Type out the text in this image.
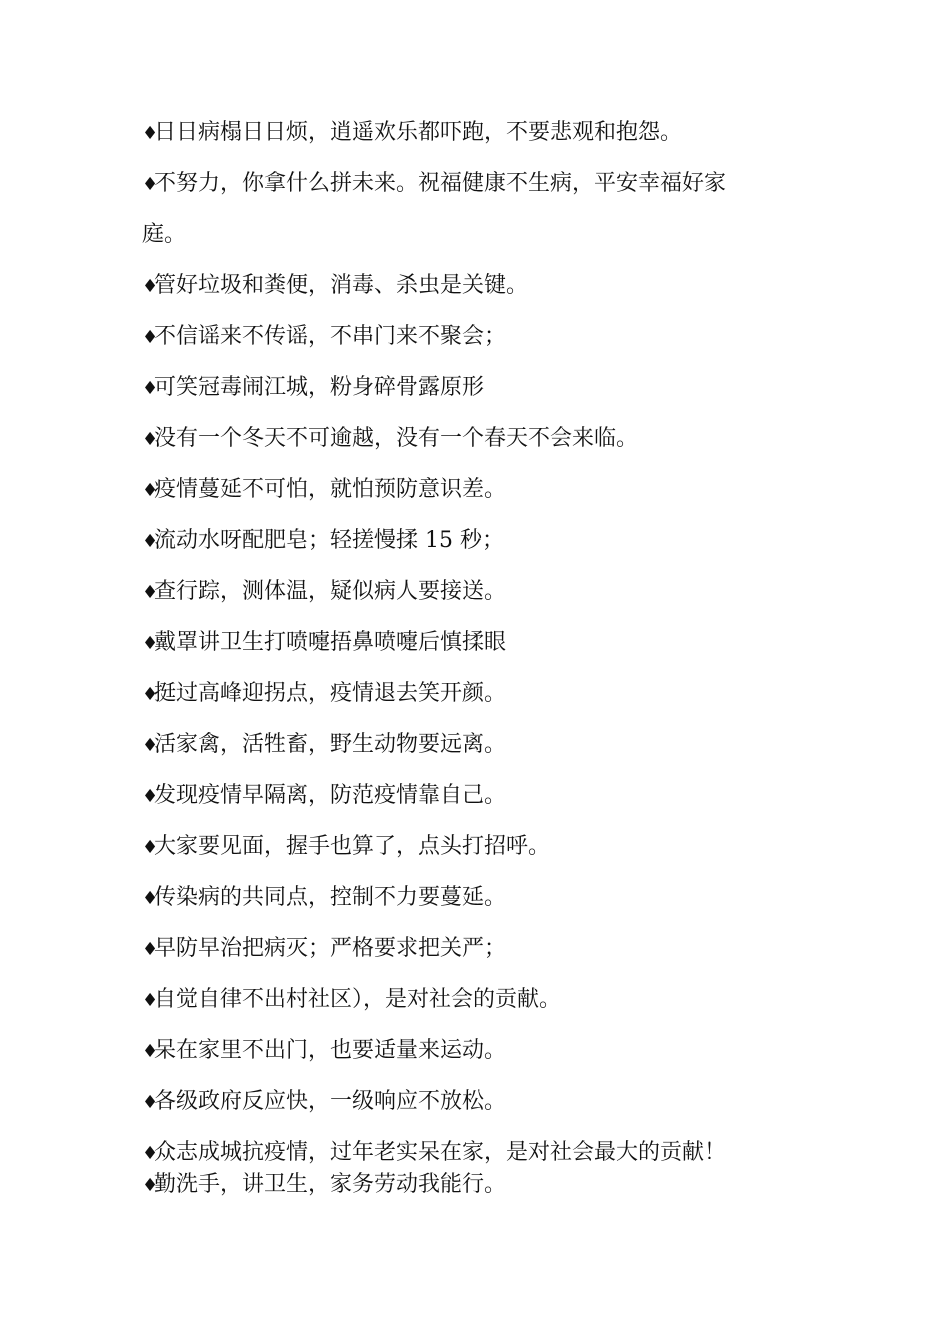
♦日日病榻日日烦，逍遥欢乐都吓跑，不要悲观和抱怨。
♦不努力，你拿什么拼未来。祝福健康不生病，平安幸福好家
庭。
♦管好垃圾和粪便，消毒、杀虫是关键。
♦不信谣来不传谣，不串门来不聚会；
♦可笑冠毒闹江城，粉身碎骨露原形
♦没有一个冬天不可逾越，没有一个春天不会来临。
♦疫情蔓延不可怕，就怕预防意识差。
♦流动水呀配肥皂；轻搓慢揉 15 秒；
♦查行踪，测体温，疑似病人要接送。
♦戴罩讲卫生打喷嚏捂鼻喷嚏后慎揉眼
♦挺过高峰迎拐点，疫情退去笑开颜。
♦活家禽，活牲畜，野生动物要远离。
♦发现疫情早隔离，防范疫情靠自己。
♦大家要见面，握手也算了，点头打招呼。
♦传染病的共同点，控制不力要蔓延。
♦早防早治把病灭；严格要求把关严；
♦自觉自律不出村社区），是对社会的贡献。
♦呆在家里不出门，也要适量来运动。
♦各级政府反应快，一级响应不放松。
♦众志成城抗疫情，过年老实呆在家，是对社会最大的贡献！
♦勤洗手，讲卫生，家务劳动我能行。
